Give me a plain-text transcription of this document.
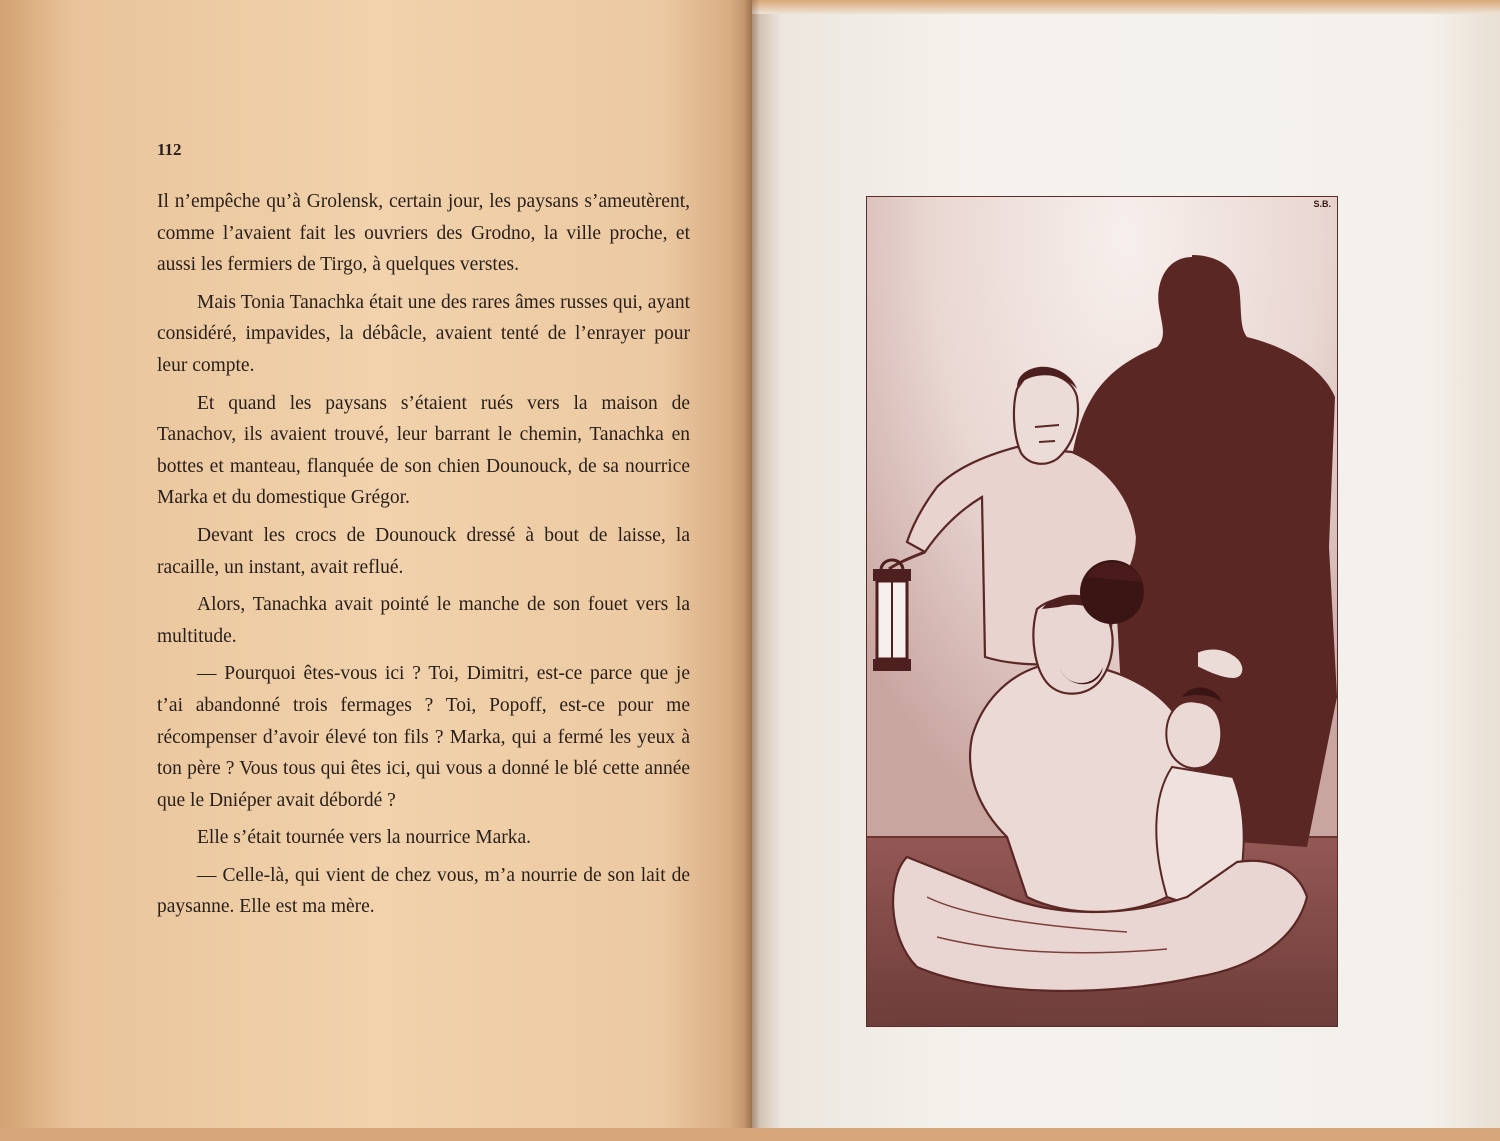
112

Il n’empêche qu’à Grolensk, certain jour, les paysans s’ameutèrent, comme l’avaient fait les ouvriers des Grodno, la ville proche, et aussi les fermiers de Tirgo, à quelques verstes.

Mais Tonia Tanachka était une des rares âmes russes qui, ayant considéré, impavides, la débâcle, avaient tenté de l’enrayer pour leur compte.

Et quand les paysans s’étaient rués vers la maison de Tanachov, ils avaient trouvé, leur barrant le chemin, Tanachka en bottes et manteau, flanquée de son chien Dounouck, de sa nourrice Marka et du domestique Grégor.

Devant les crocs de Dounouck dressé à bout de laisse, la racaille, un instant, avait reflué.

Alors, Tanachka avait pointé le manche de son fouet vers la multitude.

— Pourquoi êtes-vous ici ? Toi, Dimitri, est-ce parce que je t’ai abandonné trois fermages ? Toi, Popoff, est-ce pour me récompenser d’avoir élevé ton fils ? Marka, qui a fermé les yeux à ton père ? Vous tous qui êtes ici, qui vous a donné le blé cette année que le Dniéper avait débordé ?

Elle s’était tournée vers la nourrice Marka.

— Celle-là, qui vient de chez vous, m’a nourrie de son lait de paysanne. Elle est ma mère.

S.B.
